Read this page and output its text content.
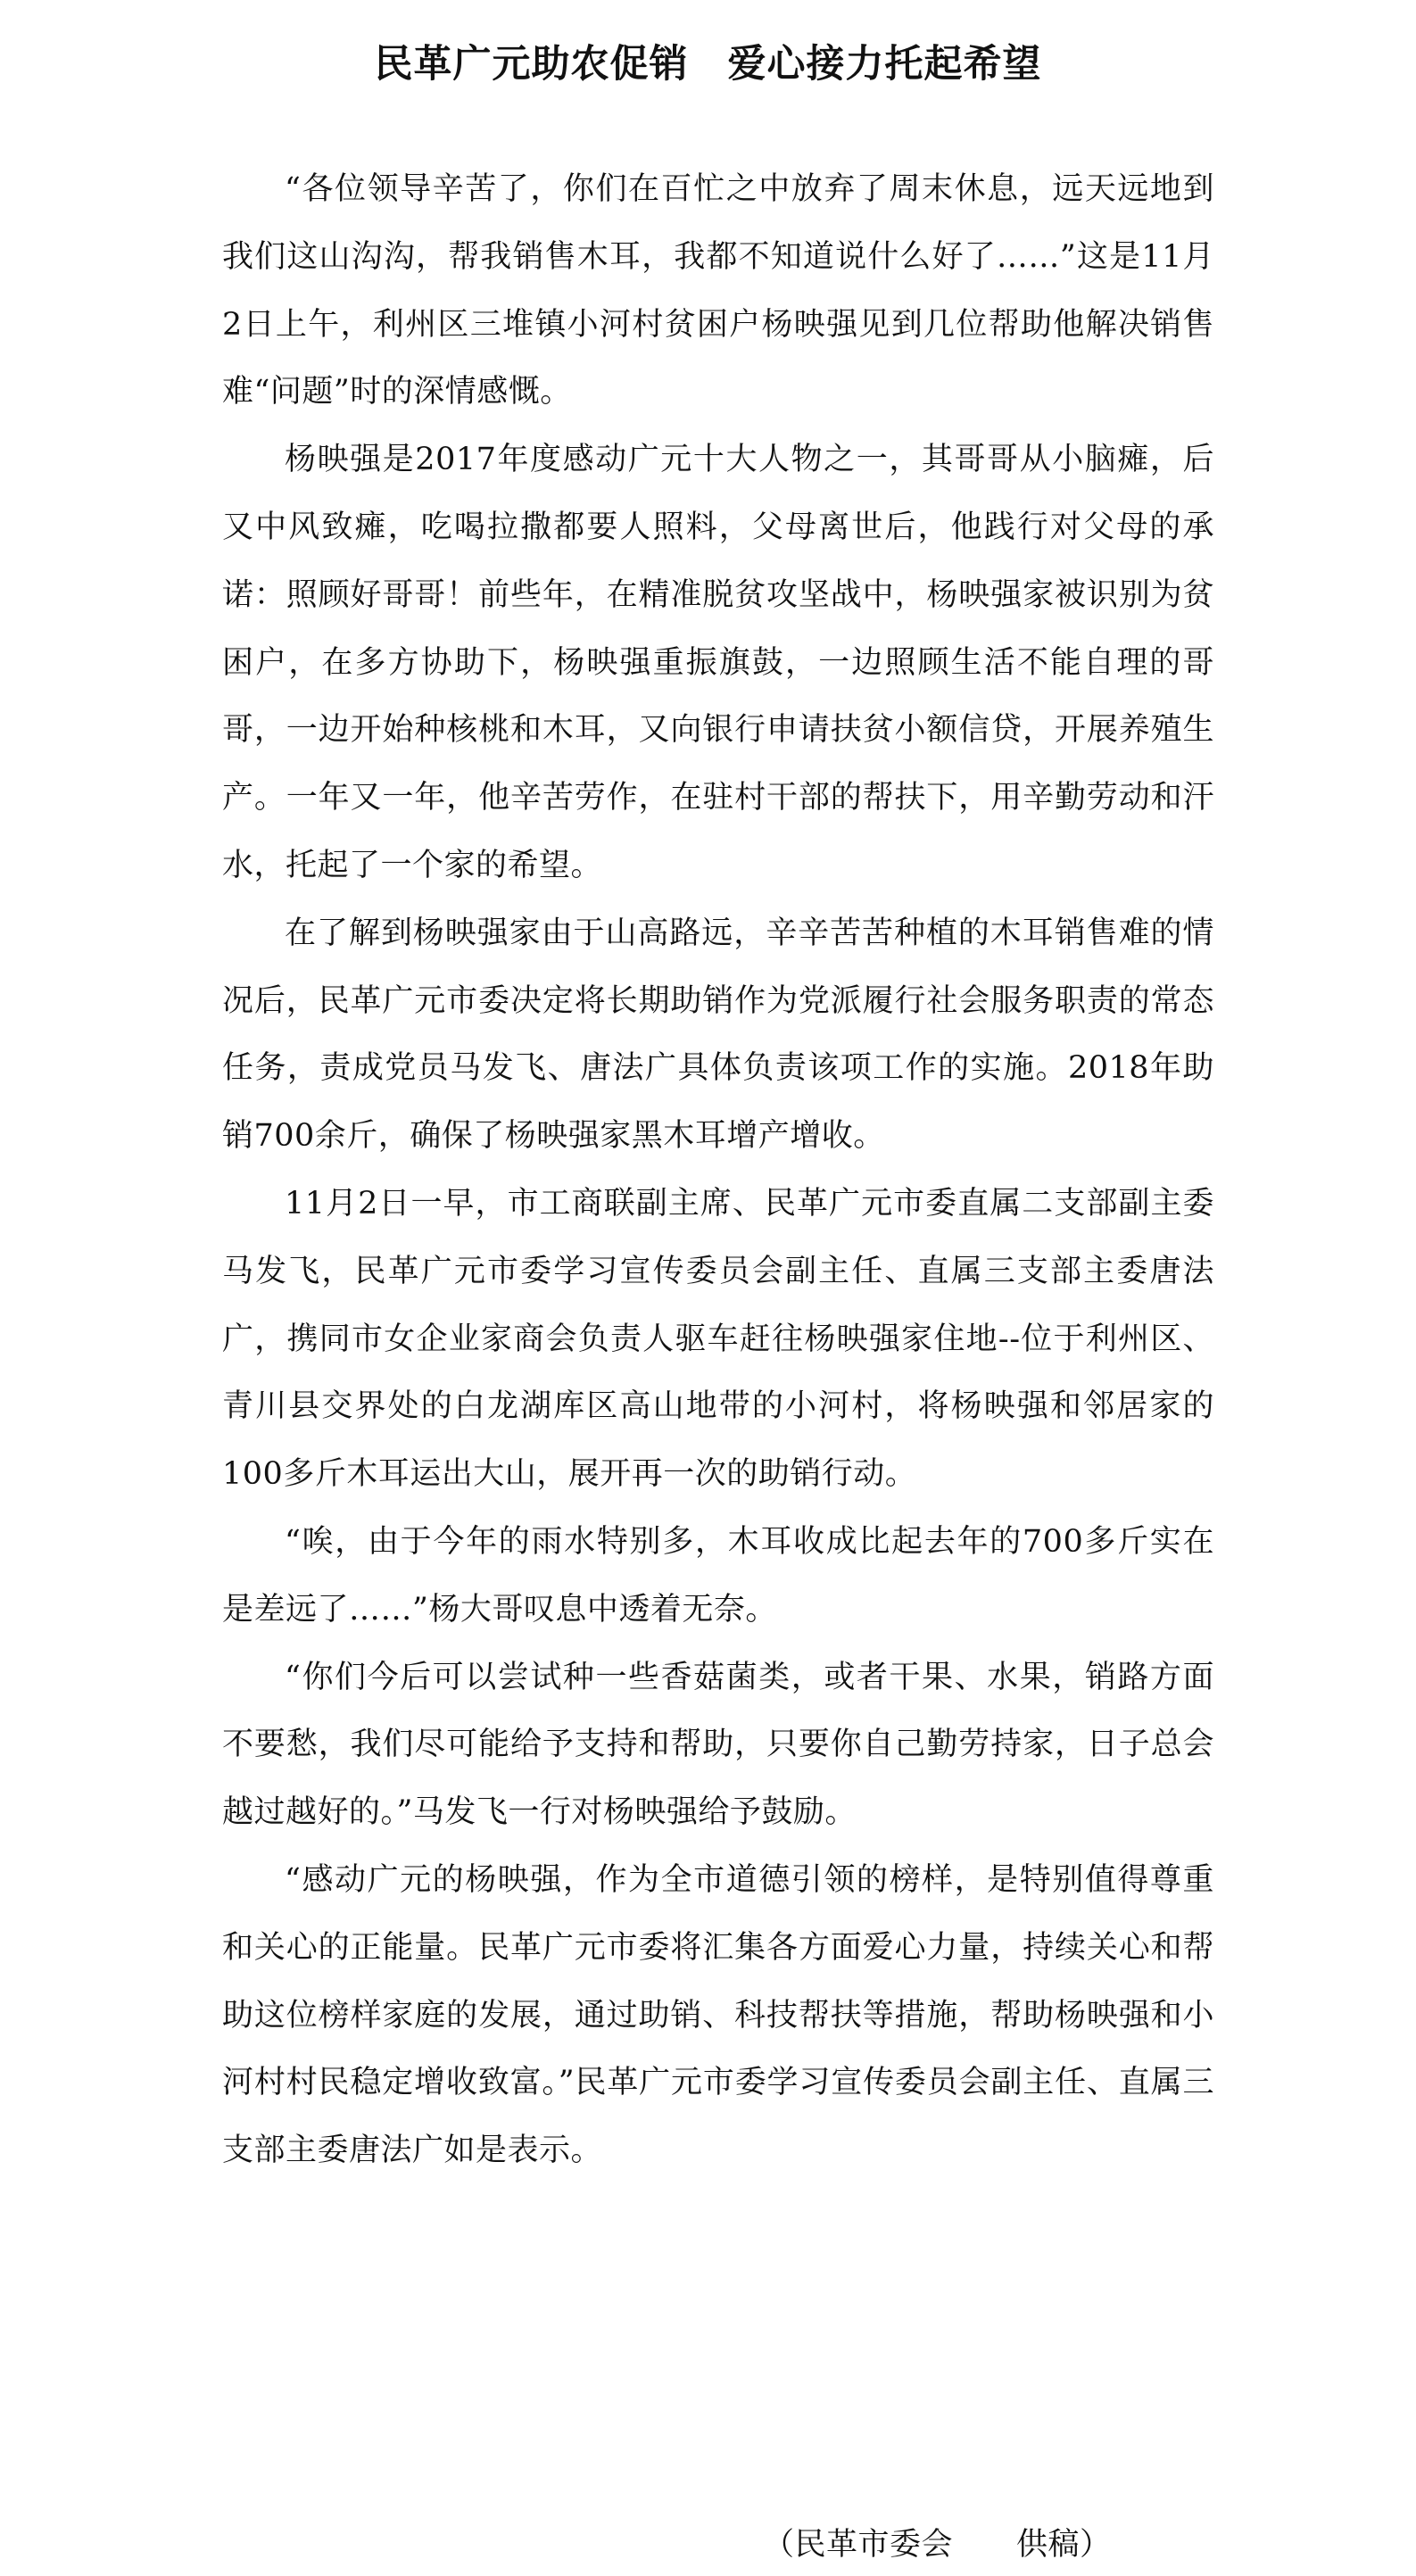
民革广元助农促销　爱心接力托起希望

“各位领导辛苦了，你们在百忙之中放弃了周末休息，远天远地到我们这山沟沟，帮我销售木耳，我都不知道说什么好了……”这是11月2日上午，利州区三堆镇小河村贫困户杨映强见到几位帮助他解决销售难“问题”时的深情感慨。

杨映强是2017年度感动广元十大人物之一，其哥哥从小脑瘫，后又中风致瘫，吃喝拉撒都要人照料，父母离世后，他践行对父母的承诺：照顾好哥哥！前些年，在精准脱贫攻坚战中，杨映强家被识别为贫困户，在多方协助下，杨映强重振旗鼓，一边照顾生活不能自理的哥哥，一边开始种核桃和木耳，又向银行申请扶贫小额信贷，开展养殖生产。一年又一年，他辛苦劳作，在驻村干部的帮扶下，用辛勤劳动和汗水，托起了一个家的希望。

在了解到杨映强家由于山高路远，辛辛苦苦种植的木耳销售难的情况后，民革广元市委决定将长期助销作为党派履行社会服务职责的常态任务，责成党员马发飞、唐法广具体负责该项工作的实施。2018年助销700余斤，确保了杨映强家黑木耳增产增收。

11月2日一早，市工商联副主席、民革广元市委直属二支部副主委马发飞，民革广元市委学习宣传委员会副主任、直属三支部主委唐法广，携同市女企业家商会负责人驱车赶往杨映强家住地--位于利州区、青川县交界处的白龙湖库区高山地带的小河村，将杨映强和邻居家的100多斤木耳运出大山，展开再一次的助销行动。

“唉，由于今年的雨水特别多，木耳收成比起去年的700多斤实在是差远了……”杨大哥叹息中透着无奈。

“你们今后可以尝试种一些香菇菌类，或者干果、水果，销路方面不要愁，我们尽可能给予支持和帮助，只要你自己勤劳持家，日子总会越过越好的。”马发飞一行对杨映强给予鼓励。

“感动广元的杨映强，作为全市道德引领的榜样，是特别值得尊重和关心的正能量。民革广元市委将汇集各方面爱心力量，持续关心和帮助这位榜样家庭的发展，通过助销、科技帮扶等措施，帮助杨映强和小河村村民稳定增收致富。”民革广元市委学习宣传委员会副主任、直属三支部主委唐法广如是表示。

（民革市委会　　供稿）
